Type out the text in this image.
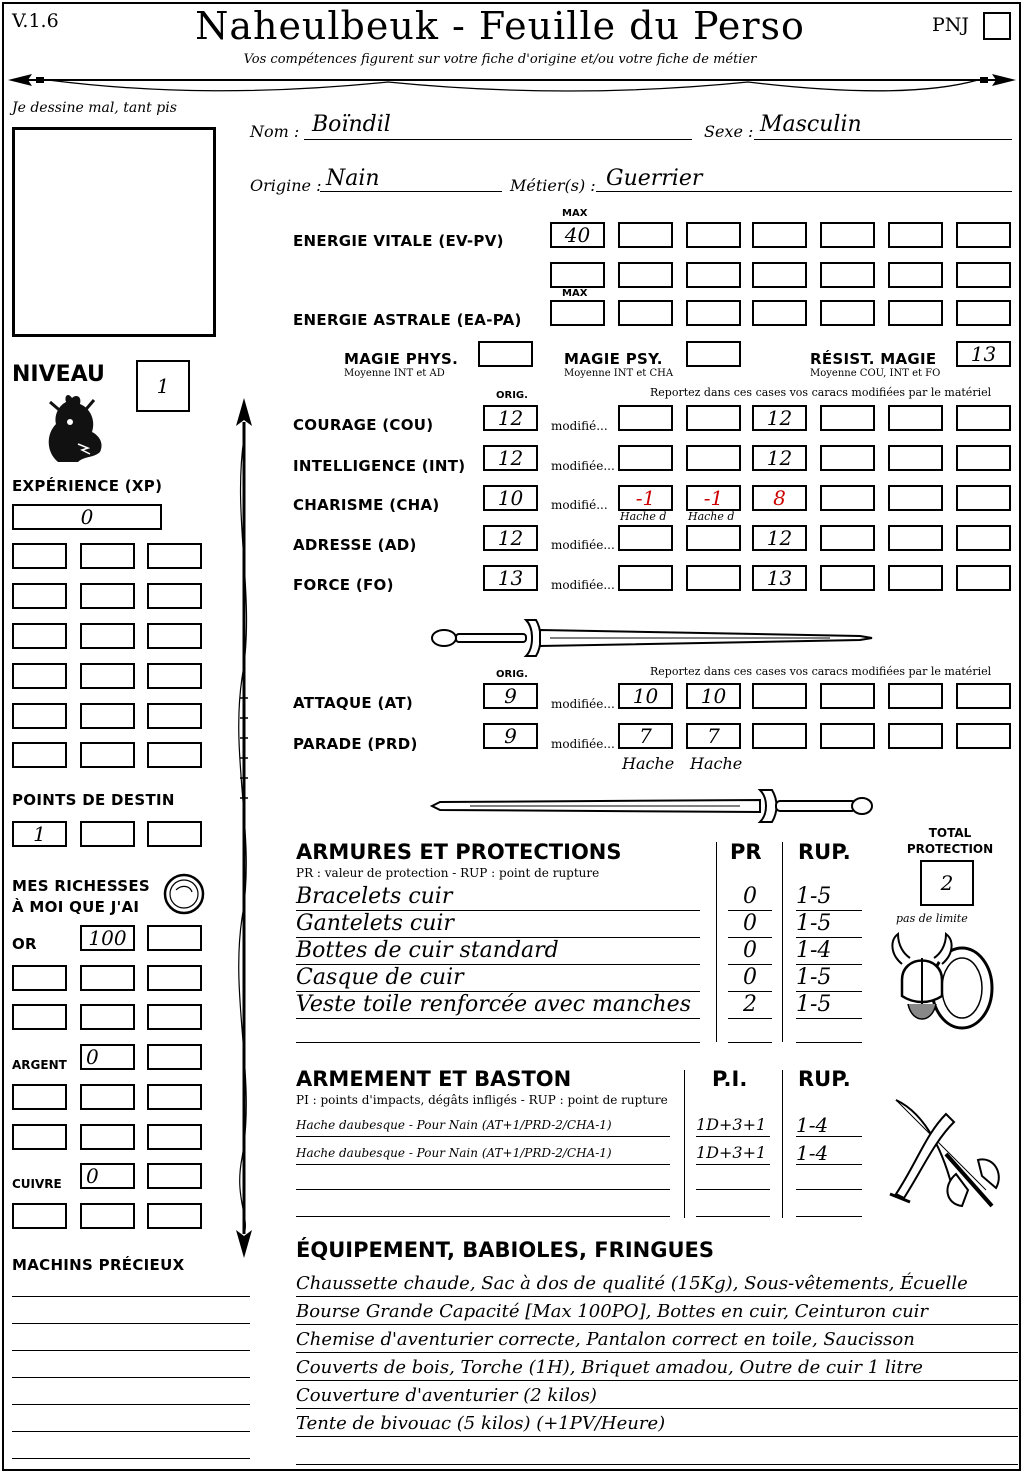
V.1.6	Naheulbeuk - Feuille du Perso
Vos compétences figurent sur votre fiche d'origine et/ou votre fiche de métier
PNJ
Je dessine mal, tant pis
Nom : Boïndil	Sexe : Masculin
Origine : Nain	Métier(s) : Guerrier
MAX
ENERGIE VITALE (EV-PV)	40
MAX
ENERGIE ASTRALE (EA-PA)
MAGIE PHYS.
Moyenne INT et AD
MAGIE PSY.
Moyenne INT et CHA
RÉSIST. MAGIE
Moyenne COU, INT et FO
13
NIVEAU	1
EXPÉRIENCE (XP)
0
POINTS DE DESTIN
1
MES RICHESSES
À MOI QUE J'AI
OR	100
ARGENT 0
CUIVRE	0
MACHINS PRÉCIEUX
ORIG.	Reportez dans ces cases vos caracs modifiées par le matériel
COURAGE (COU)	12	modifié...	12
INTELLIGENCE (INT)	12	modifiée...	12
CHARISME (CHA)	10	modifié...	-1	-1	8
Hache d Hache d
ADRESSE (AD)	12	modifiée...	12
FORCE (FO)	13	modifiée...	13
ORIG.	Reportez dans ces cases vos caracs modifiées par le matériel
ATTAQUE (AT)	9	modifiée... 10	10
PARADE (PRD)	9	modifiée...	7	7
Hache Hache
ARMURES ET PROTECTIONS
PR : valeur de protection - RUP : point de rupture
PR RUP.
Bracelets cuir	0	1-5
Gantelets cuir	0	1-5
Bottes de cuir standard	0	1-4
Casque de cuir	0	1-5
Veste toile renforcée avec manches	2	1-5
TOTAL
PROTECTION
2
pas de limite
ARMEMENT ET BASTON
PI : points d'impacts, dégâts infligés - RUP : point de rupture
P.I. RUP.
Hache daubesque - Pour Nain (AT+1/PRD-2/CHA-1)	1D+3+1 1-4
Hache daubesque - Pour Nain (AT+1/PRD-2/CHA-1)	1D+3+1 1-4
ÉQUIPEMENT, BABIOLES, FRINGUES
Chaussette chaude, Sac à dos de qualité (15Kg), Sous-vêtements, Écuelle
Bourse Grande Capacité [Max 100PO], Bottes en cuir, Ceinturon cuir
Chemise d'aventurier correcte, Pantalon correct en toile, Saucisson
Couverts de bois, Torche (1H), Briquet amadou, Outre de cuir 1 litre
Couverture d'aventurier (2 kilos)
Tente de bivouac (5 kilos) (+1PV/Heure)
